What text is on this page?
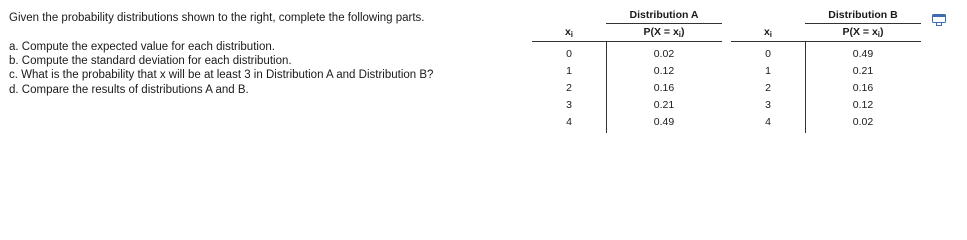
Given the probability distributions shown to the right, complete the following parts.
a. Compute the expected value for each distribution.
b. Compute the standard deviation for each distribution.
c. What is the probability that x will be at least 3 in Distribution A and Distribution B?
d. Compare the results of distributions A and B.
Distribution A
$x_i$	$P(X = x_i)$
0	0.02
1	0.12
2	0.16
3	0.21
4	0.49
Distribution B
$x_i$	$P(X = x_i)$
0	0.49
1	0.21
2	0.16
3	0.12
4	0.02
